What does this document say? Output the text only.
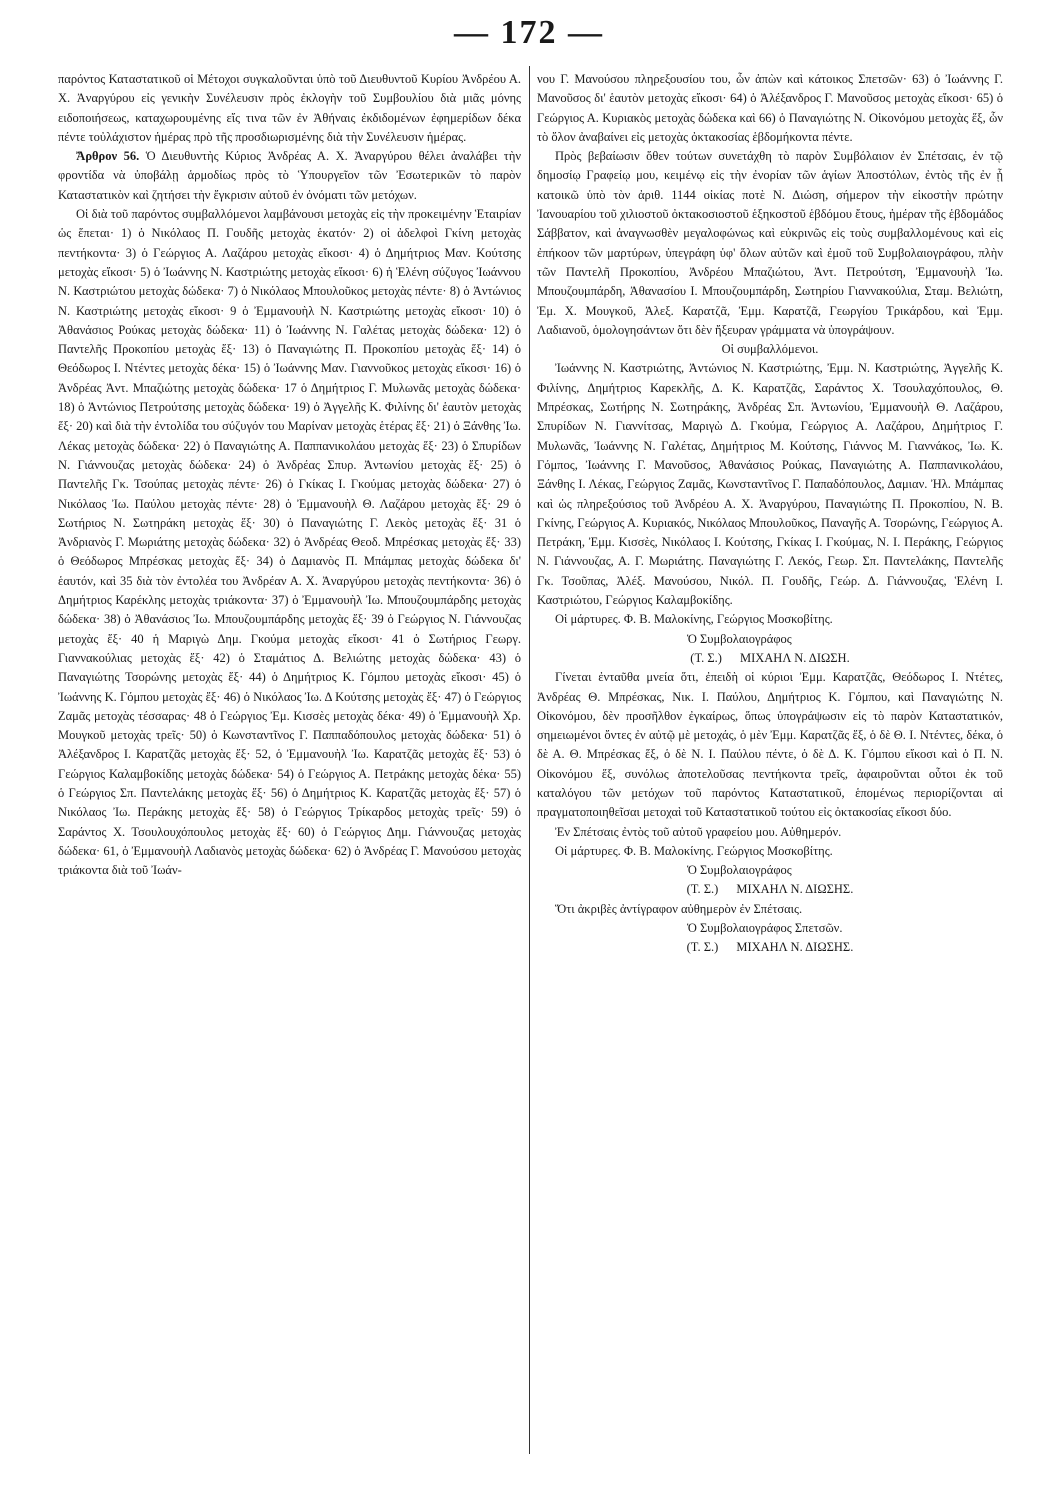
— 172 —

παρόντος Καταστατικοῦ οἱ Μέτοχοι συγκαλοῦνται ὑπὸ τοῦ Διευθυντοῦ Κυρίου Ἀνδρέου Α. Χ. Ἀναργύρου εἰς γενικὴν Συνέλευσιν πρὸς ἐκλογὴν τοῦ Συμβουλίου διὰ μιᾶς μόνης ειδοποιήσεως, καταχωρουμένης εἴς τινα τῶν ἐν Ἀθήναις ἐκδιδομένων ἐφημερίδων δέκα πέντε τοὐλάχιστον ἡμέρας πρὸ τῆς προσδιωρισμένης διὰ τὴν Συνέλευσιν ἡμέρας.

Ἄρθρον 56. Ὁ Διευθυντὴς Κύριος Ἀνδρέας Α. Χ. Ἀναργύρου θέλει ἀναλάβει τὴν φροντίδα νὰ ὑποβάλῃ ἁρμοδίως πρὸς τὸ Ὑπουργεῖον τῶν Ἐσωτερικῶν τὸ παρὸν Καταστατικὸν καὶ ζητήσει τὴν ἔγκρισιν αὐτοῦ ἐν ὀνόματι τῶν μετόχων.

Οἱ διὰ τοῦ παρόντος συμβαλλόμενοι λαμβάνουσι μετοχὰς εἰς τὴν προκειμένην Ἑταιρίαν ὡς ἕπεται· 1) ὁ Νικόλαος Π. Γουδῆς μετοχὰς ἑκατόν· 2) οἱ ἀδελφοὶ Γκίνη μετοχὰς πεντήκοντα· 3) ὁ Γεώργιος Α. Λαζάρου μετοχὰς εἴκοσι· 4) ὁ Δημήτριος Μαν. Κούτσης μετοχὰς εἴκοσι· 5) ὁ Ἰωάννης Ν. Καστριώτης μετοχὰς εἴκοσι· 6) ἡ Ἑλένη σύζυγος Ἰωάννου Ν. Καστριώτου μετοχὰς δώδεκα· 7) ὁ Νικόλαος Μπουλοῦκος μετοχὰς πέντε· 8) ὁ Ἀντώνιος Ν. Καστριώτης μετοχὰς εἴκοσι· 9 ὁ Ἐμμανουὴλ Ν. Καστριώτης μετοχὰς εἴκοσι· 10) ὁ Ἀθανάσιος Ρούκας μετοχὰς δώδεκα· 11) ὁ Ἰωάννης Ν. Γαλέτας μετοχὰς δώδεκα· 12) ὁ Παντελῆς Προκοπίου μετοχὰς ἕξ· 13) ὁ Παναγιώτης Π. Προκοπίου μετοχὰς ἕξ· 14) ὁ Θεόδωρος Ι. Ντέντες μετοχὰς δέκα· 15) ὁ Ἰωάννης Μαν. Γιαννοῦκος μετοχὰς εἴκοσι· 16) ὁ Ἀνδρέας Ἀντ. Μπαζιώτης μετοχὰς δώδεκα· 17 ὁ Δημήτριος Γ. Μυλωνᾶς μετοχὰς δώδεκα· 18) ὁ Ἀντώνιος Πετρούτσης μετοχὰς δώδεκα· 19) ὁ Ἀγγελῆς Κ. Φιλίνης δι' ἑαυτὸν μετοχὰς ἕξ· 20) καὶ διὰ τὴν ἐντολίδα του σύζυγόν του Μαρίναν μετοχὰς ἑτέρας ἕξ· 21) ὁ Ξάνθης Ἰω. Λέκας μετοχὰς δώδεκα· 22) ὁ Παναγιώτης Α. Παππανικολάου μετοχὰς ἕξ· 23) ὁ Σπυρίδων Ν. Γιάννουζας μετοχὰς δώδεκα· 24) ὁ Ἀνδρέας Σπυρ. Ἀντωνίου μετοχὰς ἕξ· 25) ὁ Παντελῆς Γκ. Τσούπας μετοχὰς πέντε· 26) ὁ Γκίκας Ι. Γκούμας μετοχὰς δώδεκα· 27) ὁ Νικόλαος Ἰω. Παύλου μετοχὰς πέντε· 28) ὁ Ἐμμανουὴλ Θ. Λαζάρου μετοχὰς ἕξ· 29 ὁ Σωτήριος Ν. Σωτηράκη μετοχὰς ἕξ· 30) ὁ Παναγιώτης Γ. Λεκὸς μετοχὰς ἕξ· 31 ὁ Ἀνδριανὸς Γ. Μωριάτης μετοχὰς δώδεκα· 32) ὁ Ἀνδρέας Θεοδ. Μπρέσκας μετοχὰς ἕξ· 33) ὁ Θεόδωρος Μπρέσκας μετοχὰς ἕξ· 34) ὁ Δαμιανὸς Π. Μπάμπας μετοχὰς δώδεκα δι' ἑαυτόν, καὶ 35 διὰ τὸν ἐντολέα του Ἀνδρέαν Α. Χ. Ἀναργύρου μετοχὰς πεντήκοντα· 36) ὁ Δημήτριος Καρέκλης μετοχὰς τριάκοντα· 37) ὁ Ἐμμανουὴλ Ἰω. Μπουζουμπάρδης μετοχὰς δώδεκα· 38) ὁ Ἀθανάσιος Ἰω. Μπουζουμπάρδης μετοχὰς ἕξ· 39 ὁ Γεώργιος Ν. Γιάννουζας μετοχὰς ἕξ· 40 ἡ Μαριγὼ Δημ. Γκούμα μετοχὰς εἴκοσι· 41 ὁ Σωτήριος Γεωργ. Γιαννακούλιας μετοχὰς ἕξ· 42) ὁ Σταμάτιος Δ. Βελιώτης μετοχὰς δώδεκα· 43) ὁ Παναγιώτης Τσορώνης μετοχὰς ἕξ· 44) ὁ Δημήτριος Κ. Γόμπου μετοχὰς εἴκοσι· 45) ὁ Ἰωάννης Κ. Γόμπου μετοχὰς ἕξ· 46) ὁ Νικόλαος Ἰω. Δ Κούτσης μετοχὰς ἕξ· 47) ὁ Γεώργιος Ζαμᾶς μετοχὰς τέσσαρας· 48 ὁ Γεώργιος Ἐμ. Κισσὲς μετοχὰς δέκα· 49) ὁ Ἐμμανουὴλ Χρ. Μουγκοῦ μετοχὰς τρεῖς· 50) ὁ Κωνσταντῖνος Γ. Παππαδόπουλος μετοχὰς δώδεκα· 51) ὁ Ἀλέξανδρος Ι. Καρατζᾶς μετοχὰς ἕξ· 52, ὁ Ἐμμανουὴλ Ἰω. Καρατζᾶς μετοχὰς ἕξ· 53) ὁ Γεώργιος Καλαμβοκίδης μετοχὰς δώδεκα· 54) ὁ Γεώργιος Α. Πετράκης μετοχὰς δέκα· 55) ὁ Γεώργιος Σπ. Παντελάκης μετοχὰς ἕξ· 56) ὁ Δημήτριος Κ. Καρατζᾶς μετοχὰς ἕξ· 57) ὁ Νικόλαος Ἰω. Περάκης μετοχὰς ἕξ· 58) ὁ Γεώργιος Τρίκαρδος μετοχὰς τρεῖς· 59) ὁ Σαράντος Χ. Τσουλουχόπουλος μετοχὰς ἕξ· 60) ὁ Γεώργιος Δημ. Γιάννουζας μετοχὰς δώδεκα· 61, ὁ Ἐμμανουὴλ Λαδιανὸς μετοχὰς δώδεκα· 62) ὁ Ἀνδρέας Γ. Μανούσου μετοχὰς τριάκοντα διὰ τοῦ Ἰωάν-

νου Γ. Μανούσου πληρεξουσίου του, ὧν ἀπὼν καὶ κάτοικος Σπετσῶν· 63) ὁ Ἰωάννης Γ. Μανοῦσος δι' ἑαυτὸν μετοχὰς εἴκοσι· 64) ὁ Ἀλέξανδρος Γ. Μανοῦσος μετοχὰς εἴκοσι· 65) ὁ Γεώργιος Α. Κυριακὸς μετοχὰς δώδεκα καὶ 66) ὁ Παναγιώτης Ν. Οἰκονόμου μετοχὰς ἕξ, ὧν τὸ ὅλον ἀναβαίνει εἰς μετοχὰς ὀκτακοσίας ἑβδομήκοντα πέντε.

Πρὸς βεβαίωσιν ὅθεν τούτων συνετάχθη τὸ παρὸν Συμβόλαιον ἐν Σπέτσαις, ἐν τῷ δημοσίῳ Γραφείῳ μου, κειμένῳ εἰς τὴν ἐνορίαν τῶν ἁγίων Ἀποστόλων, ἐντὸς τῆς ἐν ᾗ κατοικῶ ὑπὸ τὸν ἀριθ. 1144 οἰκίας ποτὲ Ν. Διώση, σήμερον τὴν εἰκοστὴν πρώτην Ἰανουαρίου τοῦ χιλιοστοῦ ὀκτακοσιοστοῦ ἑξηκοστοῦ ἑβδόμου ἔτους, ἡμέραν τῆς ἑβδομάδος Σάββατον, καὶ ἀναγνωσθὲν μεγαλοφώνως καὶ εὐκρινῶς εἰς τοὺς συμβαλλομένους καὶ εἰς ἐπήκοον τῶν μαρτύρων, ὑπεγράφη ὑφ' ὅλων αὐτῶν καὶ ἐμοῦ τοῦ Συμβολαιογράφου, πλὴν τῶν Παντελῆ Προκοπίου, Ἀνδρέου Μπαζιώτου, Ἀντ. Πετρούτση, Ἐμμανουὴλ Ἰω. Μπουζουμπάρδη, Ἀθανασίου Ι. Μπουζουμπάρδη, Σωτηρίου Γιαννακούλια, Σταμ. Βελιώτη, Ἐμ. Χ. Μουγκοῦ, Ἀλεξ. Καρατζᾶ, Ἐμμ. Καρατζᾶ, Γεωργίου Τρικάρδου, καὶ Ἐμμ. Λαδιανοῦ, ὁμολογησάντων ὅτι δὲν ἤξευραν γράμματα νὰ ὑπογράψουν.

Οἱ συμβαλλόμενοι.

Ἰωάννης Ν. Καστριώτης, Ἀντώνιος Ν. Καστριώτης, Ἐμμ. Ν. Καστριώτης, Ἀγγελῆς Κ. Φιλίνης, Δημήτριος Καρεκλῆς, Δ. Κ. Καρατζᾶς, Σαράντος Χ. Τσουλαχόπουλος, Θ. Μπρέσκας, Σωτήρης Ν. Σωτηράκης, Ἀνδρέας Σπ. Ἀντωνίου, Ἐμμανουὴλ Θ. Λαζάρου, Σπυρίδων Ν. Γιαννίτσας, Μαριγὼ Δ. Γκούμα, Γεώργιος Α. Λαζάρου, Δημήτριος Γ. Μυλωνᾶς, Ἰωάννης Ν. Γαλέτας, Δημήτριος Μ. Κούτσης, Γιάννος Μ. Γιαννάκος, Ἰω. Κ. Γόμπος, Ἰωάννης Γ. Μανοῦσος, Ἀθανάσιος Ρούκας, Παναγιώτης Α. Παππανικολάου, Ξάνθης Ι. Λέκας, Γεώργιος Ζαμᾶς, Κωνσταντῖνος Γ. Παπαδόπουλος, Δαμιαν. Ἠλ. Μπάμπας καὶ ὡς πληρεξούσιος τοῦ Ἀνδρέου Α. Χ. Ἀναργύρου, Παναγιώτης Π. Προκοπίου, Ν. Β. Γκίνης, Γεώργιος Α. Κυριακός, Νικόλαος Μπουλοῦκος, Παναγῆς Α. Τσορώνης, Γεώργιος Α. Πετράκη, Ἐμμ. Κισσὲς, Νικόλαος Ι. Κούτσης, Γκίκας Ι. Γκούμας, Ν. Ι. Περάκης, Γεώργιος Ν. Γιάννουζας, Α. Γ. Μωριάτης. Παναγιώτης Γ. Λεκός, Γεωρ. Σπ. Παντελάκης, Παντελῆς Γκ. Τσοῦπας, Ἀλέξ. Μανούσου, Νικόλ. Π. Γουδῆς, Γεώρ. Δ. Γιάννουζας, Ἑλένη Ι. Καστριώτου, Γεώργιος Καλαμβοκίδης.

Οἱ μάρτυρες. Φ. Β. Μαλοκίνης, Γεώργιος Μοσκοβίτης.

Ὁ Συμβολαιογράφος

(Τ. Σ.) ΜΙΧΑΗΛ Ν. ΔΙΩΣΗ.

Γίνεται ἐνταῦθα μνεία ὅτι, ἐπειδὴ οἱ κύριοι Ἐμμ. Καρατζᾶς, Θεόδωρος Ι. Ντέτες, Ἀνδρέας Θ. Μπρέσκας, Νικ. Ι. Παύλου, Δημήτριος Κ. Γόμπου, καὶ Παναγιώτης Ν. Οἰκονόμου, δὲν προσῆλθον ἐγκαίρως, ὅπως ὑπογράψωσιν εἰς τὸ παρὸν Καταστατικόν, σημειωμένοι ὄντες ἐν αὐτῷ μὲ μετοχάς, ὁ μὲν Ἐμμ. Καρατζᾶς ἕξ, ὁ δὲ Θ. Ι. Ντέντες, δέκα, ὁ δὲ Α. Θ. Μπρέσκας ἕξ, ὁ δὲ Ν. Ι. Παύλου πέντε, ὁ δὲ Δ. Κ. Γόμπου εἴκοσι καὶ ὁ Π. Ν. Οἰκονόμου ἕξ, συνόλως ἀποτελοῦσας πεντήκοντα τρεῖς, ἀφαιροῦνται οὗτοι ἐκ τοῦ καταλόγου τῶν μετόχων τοῦ παρόντος Καταστατικοῦ, ἑπομένως περιορίζονται αἱ πραγματοποιηθεῖσαι μετοχαὶ τοῦ Καταστατικοῦ τούτου εἰς ὀκτακοσίας εἴκοσι δύο.

Ἐν Σπέτσαις ἐντὸς τοῦ αὐτοῦ γραφείου μου. Αὐθημερόν.

Οἱ μάρτυρες. Φ. Β. Μαλοκίνης. Γεώργιος Μοσκοβίτης.

Ὁ Συμβολαιογράφος

(Τ. Σ.) ΜΙΧΑΗΛ Ν. ΔΙΩΣΗΣ.

Ὅτι ἀκριβὲς ἀντίγραφον αὐθημερὸν ἐν Σπέτσαις.

Ὁ Συμβολαιογράφος Σπετσῶν.

(Τ. Σ.) ΜΙΧΑΗΛ Ν. ΔΙΩΣΗΣ.
